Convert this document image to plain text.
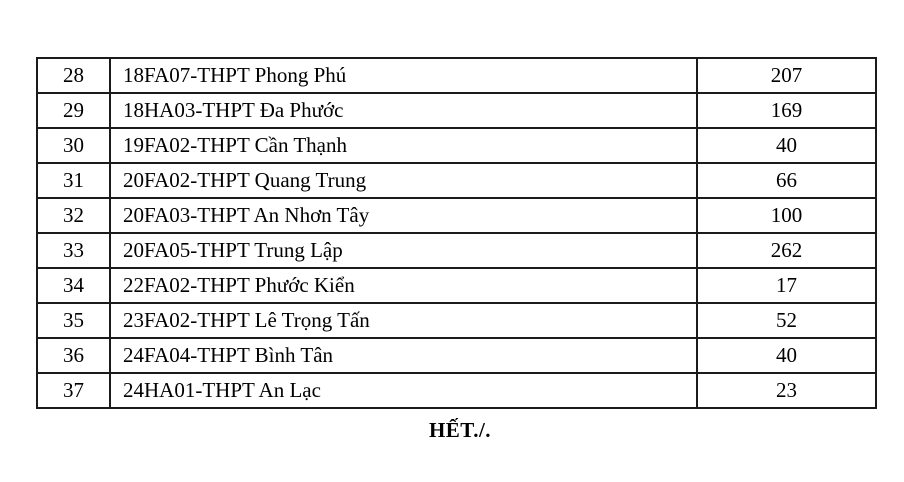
28	18FA07-THPT Phong Phú	207
29	18HA03-THPT Đa Phước	169
30	19FA02-THPT Cần Thạnh	40
31	20FA02-THPT Quang Trung	66
32	20FA03-THPT An Nhơn Tây	100
33	20FA05-THPT Trung Lập	262
34	22FA02-THPT Phước Kiển	17
35	23FA02-THPT Lê Trọng Tấn	52
36	24FA04-THPT Bình Tân	40
37	24HA01-THPT An Lạc	23
HẾT./.
